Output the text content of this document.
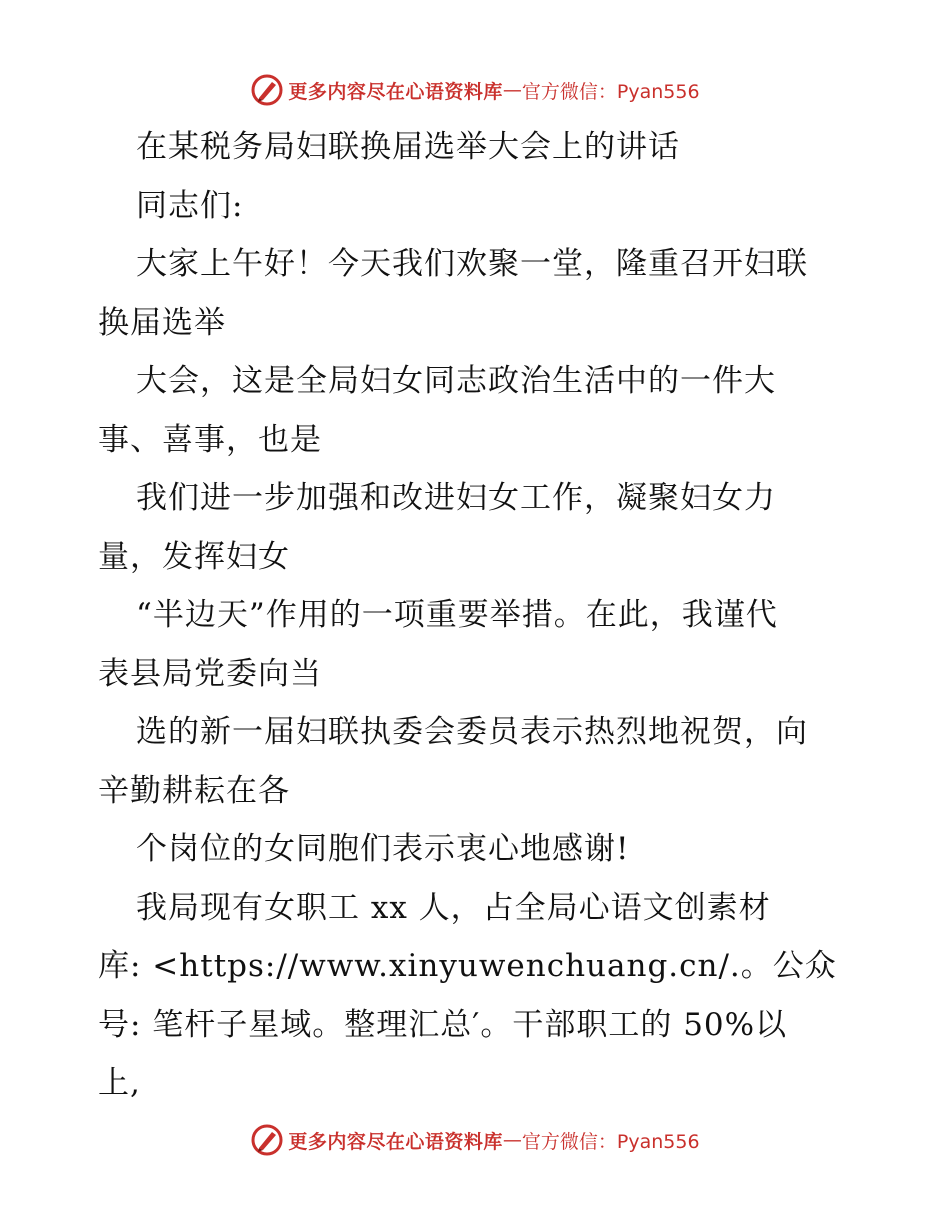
更多内容尽在心语资料库 — 官方微信：Pyan556
在某税务局妇联换届选举大会上的讲话
同志们:
大家上午好！今天我们欢聚一堂，隆重召开妇联
换届选举
大会，这是全局妇女同志政治生活中的一件大
事、喜事，也是
我们进一步加强和改进妇女工作，凝聚妇女力
量，发挥妇女
“半边天”作用的一项重要举措。在此，我谨代
表县局党委向当
选的新一届妇联执委会委员表示热烈地祝贺，向
辛勤耕耘在各
个岗位的女同胞们表示衷心地感谢!
我局现有女职工 xx 人，占全局心语文创素材
库: <https://www.xinyuwenchuang.cn/.。公众
号: 笔杆子星域。整理汇总′。干部职工的 50%以
上,
更多内容尽在心语资料库 — 官方微信：Pyan556
